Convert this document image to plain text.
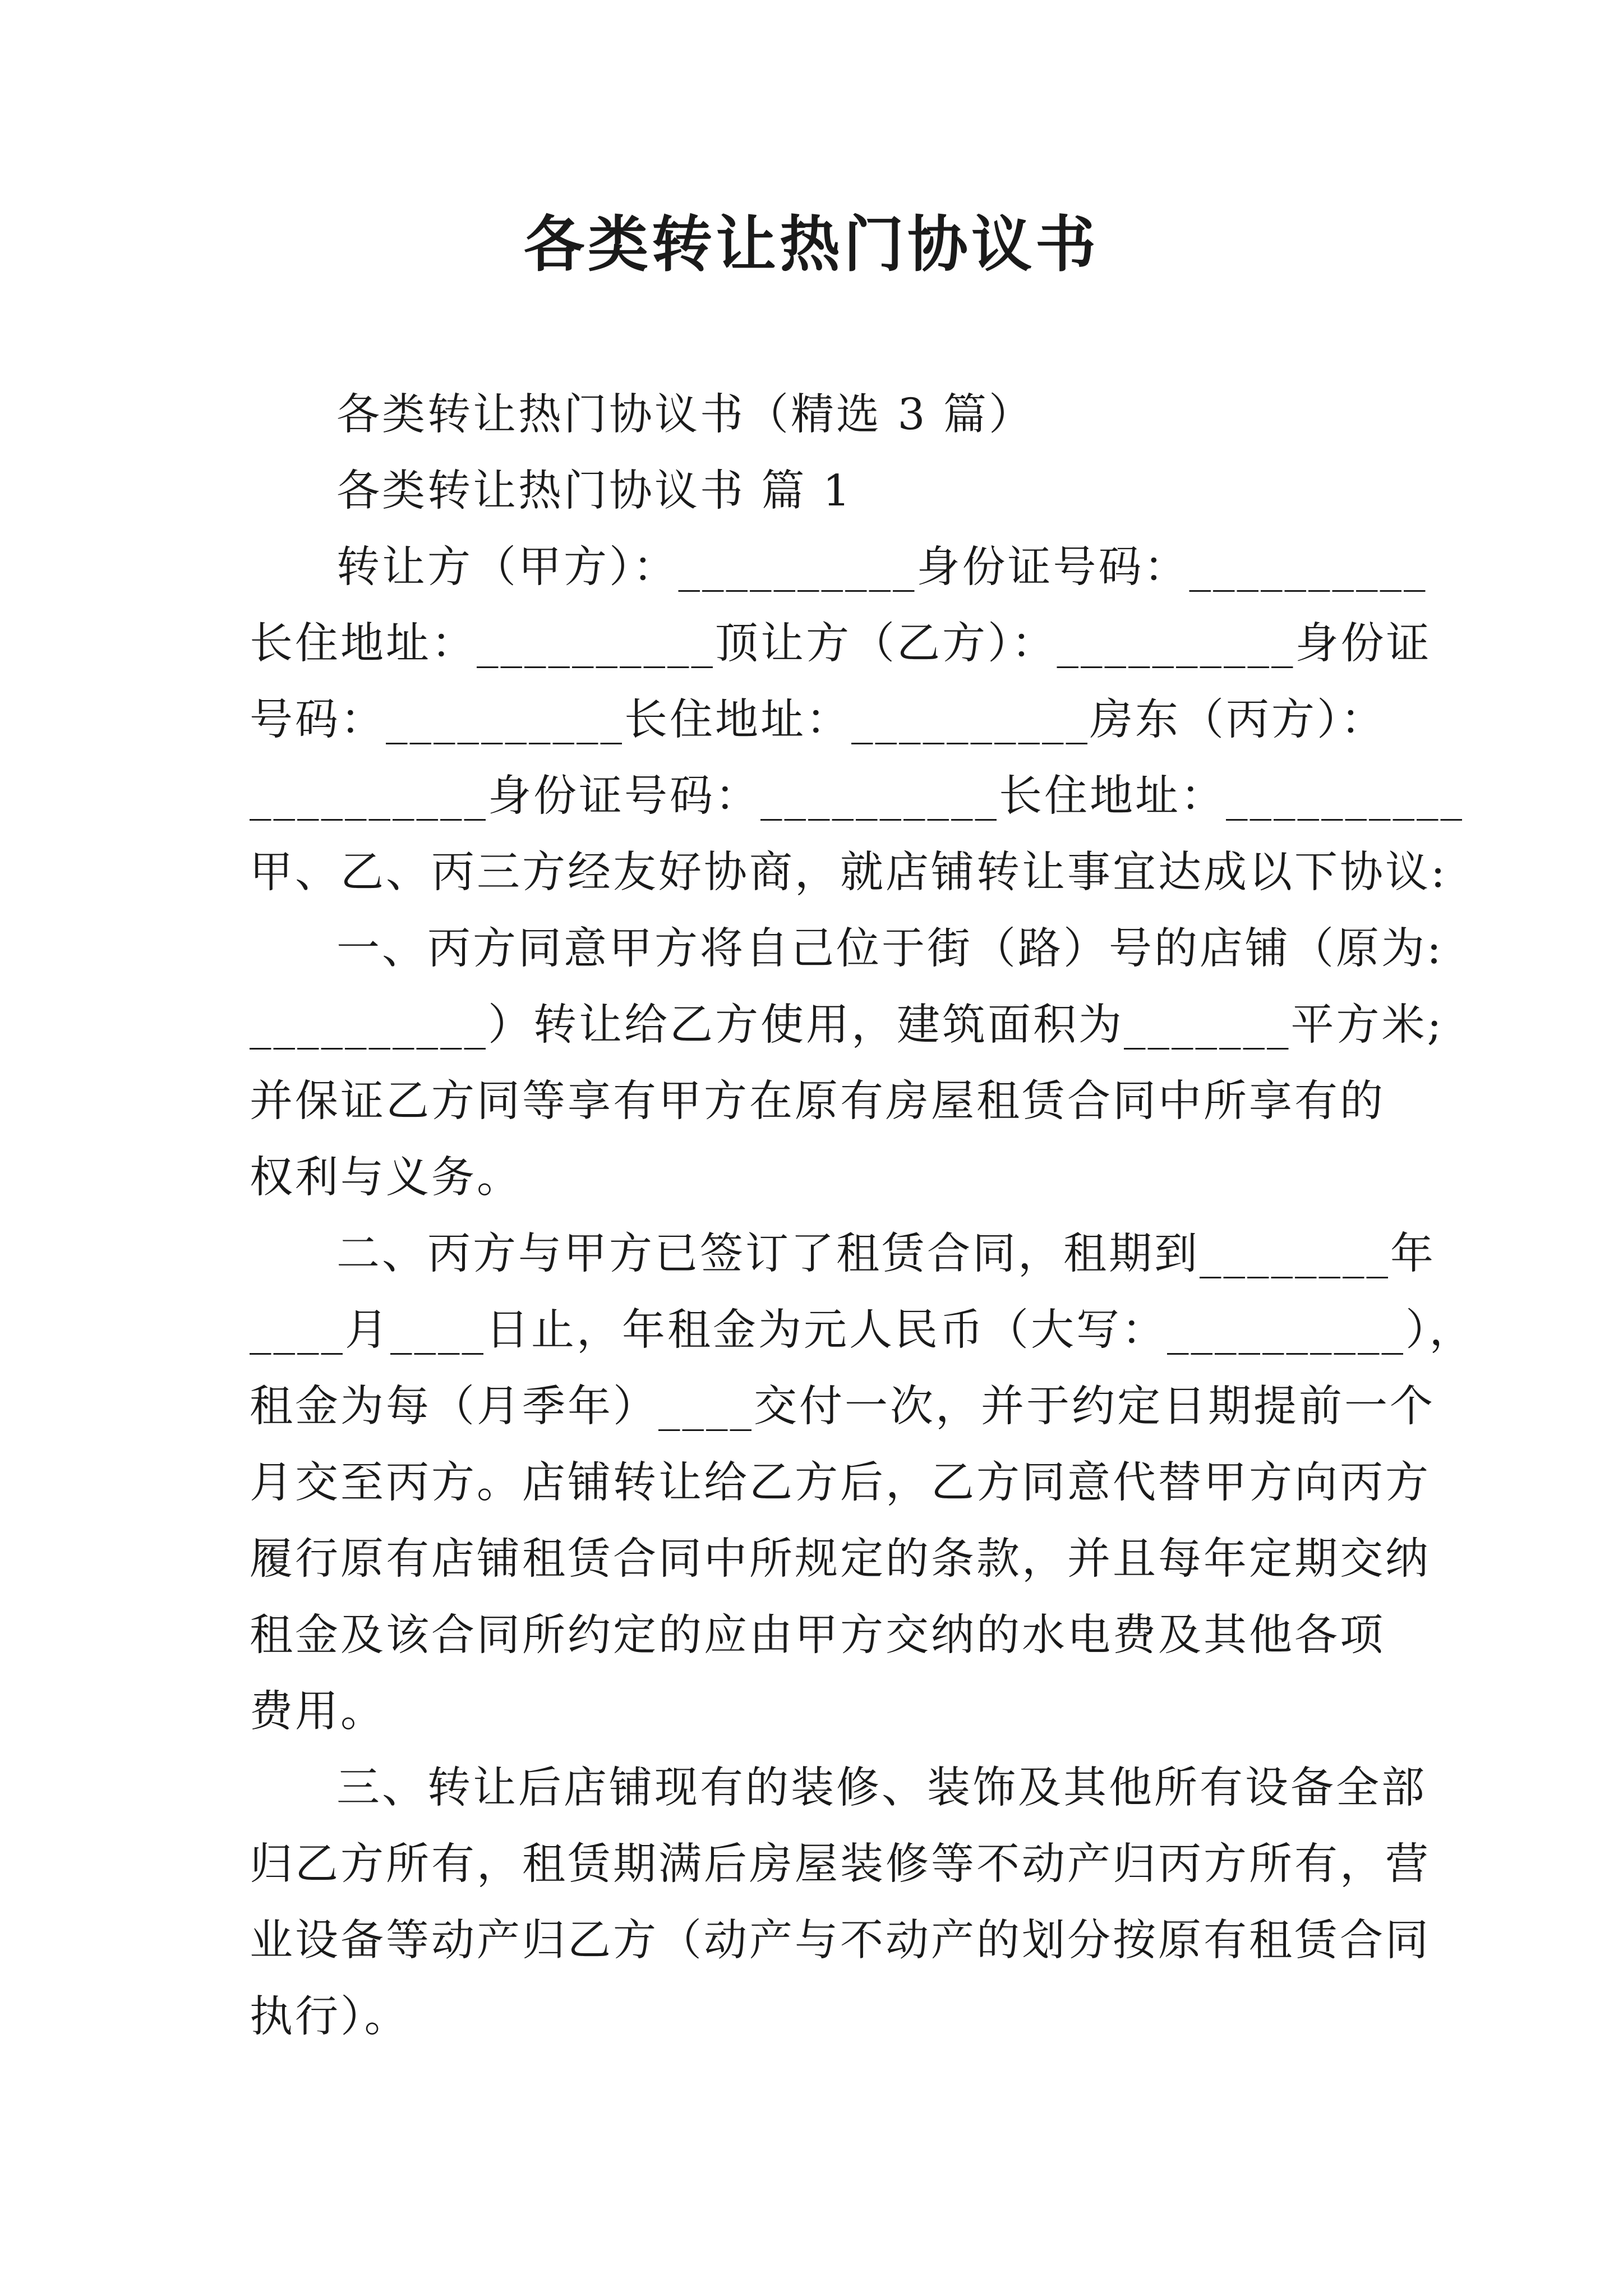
各类转让热门协议书
各类转让热门协议书（精选 3 篇）
各类转让热门协议书 篇 1
转让方（甲方）：__________身份证号码：__________
长住地址：__________顶让方（乙方）：__________身份证
号码：__________长住地址：__________房东（丙方）：
__________身份证号码：__________长住地址：__________
甲、乙、丙三方经友好协商，就店铺转让事宜达成以下协议:
一、丙方同意甲方将自己位于街（路）号的店铺（原为:
__________）转让给乙方使用，建筑面积为_______平方米;
并保证乙方同等享有甲方在原有房屋租赁合同中所享有的
权利与义务。
二、丙方与甲方已签订了租赁合同，租期到________年
____月____日止，年租金为元人民币（大写：__________），
租金为每（月季年）____交付一次，并于约定日期提前一个
月交至丙方。店铺转让给乙方后，乙方同意代替甲方向丙方
履行原有店铺租赁合同中所规定的条款，并且每年定期交纳
租金及该合同所约定的应由甲方交纳的水电费及其他各项
费用。
三、转让后店铺现有的装修、装饰及其他所有设备全部
归乙方所有，租赁期满后房屋装修等不动产归丙方所有，营
业设备等动产归乙方（动产与不动产的划分按原有租赁合同
执行）。
